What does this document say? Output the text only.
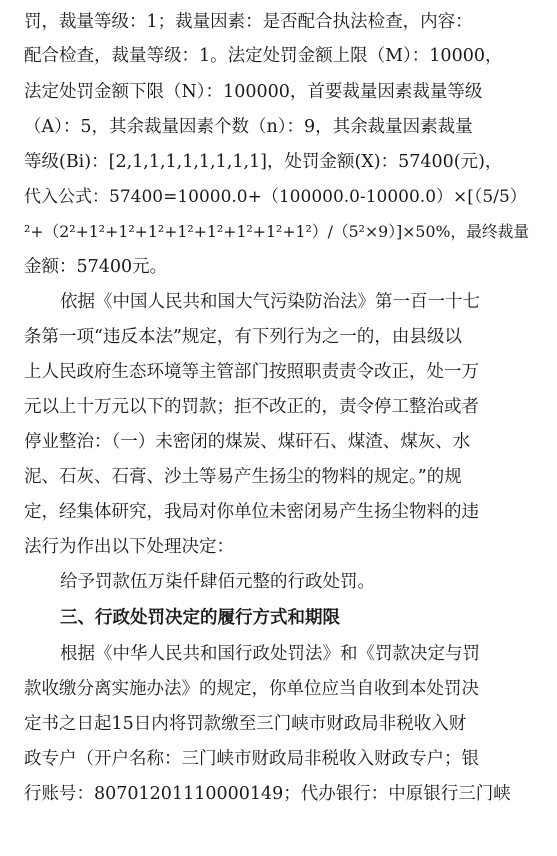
罚，裁量等级：1；裁量因素：是否配合执法检查，内容：
配合检查，裁量等级：1。法定处罚金额上限（M）：10000，
法定处罚金额下限（N）：100000，首要裁量因素裁量等级
（A）：5，其余裁量因素个数（n）：9，其余裁量因素裁量
等级(Bi)：[2,1,1,1,1,1,1,1,1]，处罚金额(X)：57400(元)，
代入公式：57400=10000.0+（100000.0-10000.0）×[（5/5）
²+（2²+1²+1²+1²+1²+1²+1²+1²+1²）/（5²×9）]×50%，最终裁量
金额：57400元。
依据《中国人民共和国大气污染防治法》第一百一十七
条第一项“违反本法”规定，有下列行为之一的，由县级以
上人民政府生态环境等主管部门按照职责责令改正，处一万
元以上十万元以下的罚款；拒不改正的，责令停工整治或者
停业整治：（一）未密闭的煤炭、煤矸石、煤渣、煤灰、水
泥、石灰、石膏、沙土等易产生扬尘的物料的规定。”的规
定，经集体研究，我局对你单位未密闭易产生扬尘物料的违
法行为作出以下处理决定：
给予罚款伍万柒仟肆佰元整的行政处罚。
三、行政处罚决定的履行方式和期限
根据《中华人民共和国行政处罚法》和《罚款决定与罚
款收缴分离实施办法》的规定，你单位应当自收到本处罚决
定书之日起15日内将罚款缴至三门峡市财政局非税收入财
政专户（开户名称：三门峡市财政局非税收入财政专户；银
行账号：80701201110000149；代办银行：中原银行三门峡
